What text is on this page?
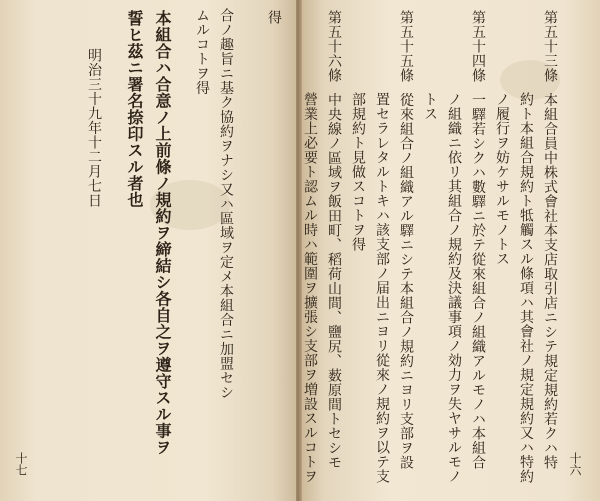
第五十三條本組合員中株式會社本支店取引店ニシテ規定規約若クハ特
約ト本組合規約ト牴觸スル條項ハ其會社ノ規定規約又ハ特約
ノ履行ヲ妨ケサルモノトス
第五十四條一驛若シクハ數驛ニ於テ從來組合ノ組織アルモノハ本組合
ノ組織ニ依リ其組合ノ規約及決議事項ノ効力ヲ失ヤサルモノ
トス
第五十五條從來組合ノ組織アル驛ニシテ本組合ノ規約ニヨリ支部ヲ設
置セラレタルトキハ該支部ノ届出ニヨリ從來ノ規約ヲ以テ支
部規約ト見做スコトヲ得
第五十六條中央線ノ區域ヲ飯田町、稻荷山間、鹽尻、薮原間トセシモ
營業上必要ト認ムル時ハ範圍ヲ擴張シ支部ヲ増設スルコトヲ	十六
得
合ノ趣旨ニ基ク協約ヲナシ又ハ區域ヲ定メ本組合ニ加盟セシ
ムルコトヲ得
本組合ハ合意ノ上前條ノ規約ヲ締結シ各自之ヲ遵守スル事ヲ
誓ヒ茲ニ署名捺印スル者也
明治三十九年十二月七日
十七
